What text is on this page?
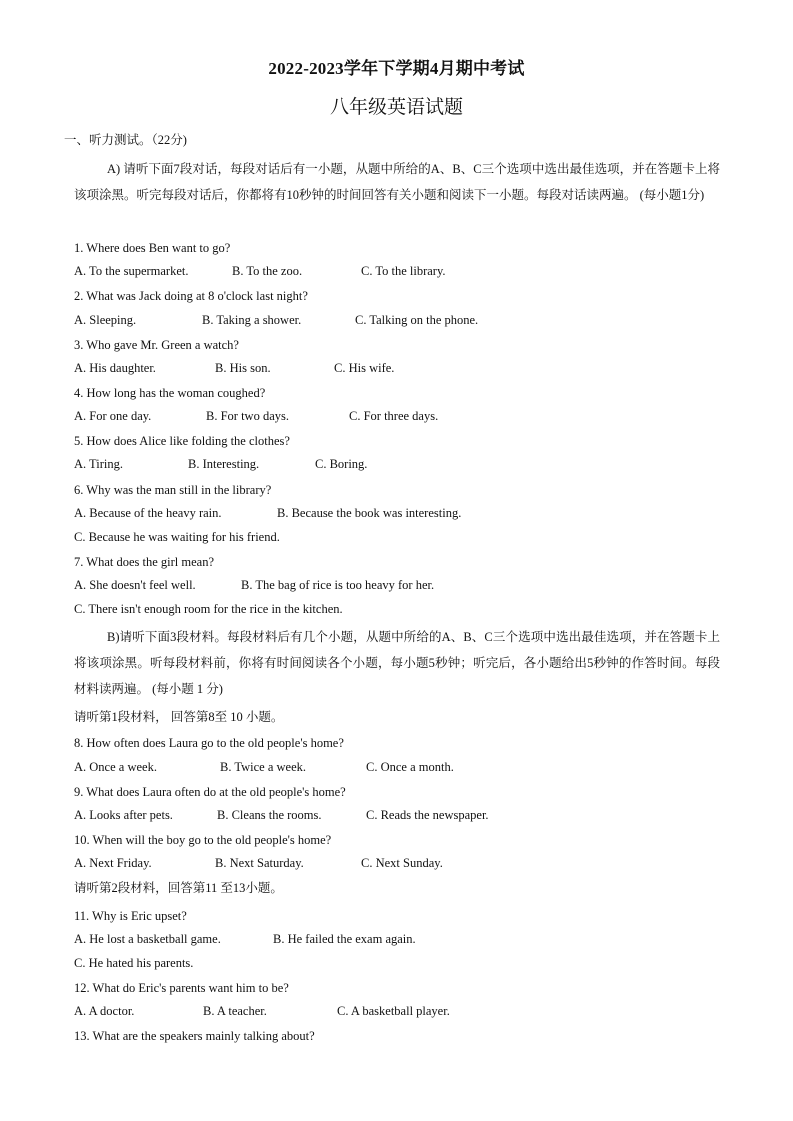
2022-2023学年下学期4月期中考试
八年级英语试题
一、听力测试。（22分)
A) 请听下面7段对话，每段对话后有一小题，从题中所给的A、B、C三个选项中选出最佳选项，并在答题卡上将该项涂黑。听完每段对话后，你都将有10秒钟的时间回答有关小题和阅读下一小题。每段对话读两遍。 (每小题1分)
1. Where does Ben want to go?
A. To the supermarket.	B. To the zoo.	C. To the library.
2. What was Jack doing at 8 o'clock last night?
A. Sleeping.	B. Taking a shower.	C. Talking on the phone.
3. Who gave Mr. Green a watch?
A. His daughter.	B. His son.	C. His wife.
4. How long has the woman coughed?
A. For one day.	B. For two days.	C. For three days.
5. How does Alice like folding the clothes?
A. Tiring.	B. Interesting.	C. Boring.
6. Why was the man still in the library?
A. Because of the heavy rain.	B. Because the book was interesting.
C. Because he was waiting for his friend.
7. What does the girl mean?
A. She doesn't feel well.	B. The bag of rice is too heavy for her.
C. There isn't enough room for the rice in the kitchen.
B)请听下面3段材料。每段材料后有几个小题，从题中所给的A、B、C三个选项中选出最佳选项，并在答题卡上将该项涂黑。听每段材料前，你将有时间阅读各个小题，每小题5秒钟；听完后，各小题给出5秒钟的作答时间。每段材料读两遍。 (每小题 1 分)
请听第1段材料， 回答第8至 10 小题。
8. How often does Laura go to the old people's home?
A. Once a week.	B. Twice a week.	C. Once a month.
9. What does Laura often do at the old people's home?
A. Looks after pets.	B. Cleans the rooms.	C. Reads the newspaper.
10. When will the boy go to the old people's home?
A. Next Friday.	B. Next Saturday.	C. Next Sunday.
请听第2段材料，回答第11 至13小题。
11. Why is Eric upset?
A. He lost a basketball game.	B. He failed the exam again.
C. He hated his parents.
12. What do Eric's parents want him to be?
A. A doctor.	B. A teacher.	C. A basketball player.
13. What are the speakers mainly talking about?
